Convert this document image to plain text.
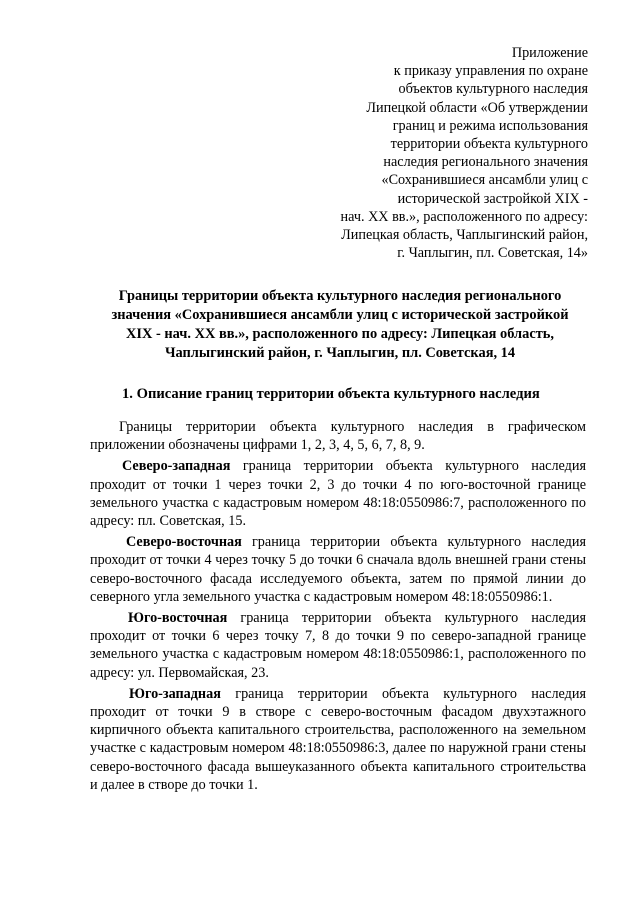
Приложение
к приказу управления по охране
объектов культурного наследия
Липецкой области «Об утверждении
границ и режима использования
территории объекта культурного
наследия регионального значения
«Сохранившиеся ансамбли улиц с
исторической застройкой XIX -
нач. XX вв.», расположенного по адресу:
Липецкая область, Чаплыгинский район,
г. Чаплыгин, пл. Советская, 14»
Границы территории объекта культурного наследия регионального
значения «Сохранившиеся ансамбли улиц с исторической застройкой
XIX - нач. XX вв.», расположенного по адресу: Липецкая область,
Чаплыгинский район, г. Чаплыгин, пл. Советская, 14
1. Описание границ территории объекта культурного наследия

Границы территории объекта культурного наследия в графическом приложении обозначены цифрами 1, 2, 3, 4, 5, 6, 7, 8, 9.

Северо-западная граница территории объекта культурного наследия проходит от точки 1 через точки 2, 3 до точки 4 по юго-восточной границе земельного участка с кадастровым номером 48:18:0550986:7, расположенного по адресу: пл. Советская, 15.

Северо-восточная граница территории объекта культурного наследия проходит от точки 4 через точку 5 до точки 6 сначала вдоль внешней грани стены северо-восточного фасада исследуемого объекта, затем по прямой линии до северного угла земельного участка с кадастровым номером 48:18:0550986:1.

Юго-восточная граница территории объекта культурного наследия проходит от точки 6 через точку 7, 8 до точки 9 по северо-западной границе земельного участка с кадастровым номером 48:18:0550986:1, расположенного по адресу: ул. Первомайская, 23.

Юго-западная граница территории объекта культурного наследия проходит от точки 9 в створе с северо-восточным фасадом двухэтажного кирпичного объекта капитального строительства, расположенного на земельном участке с кадастровым номером 48:18:0550986:3, далее по наружной грани стены северо-восточного фасада вышеуказанного объекта капитального строительства и далее в створе до точки 1.
